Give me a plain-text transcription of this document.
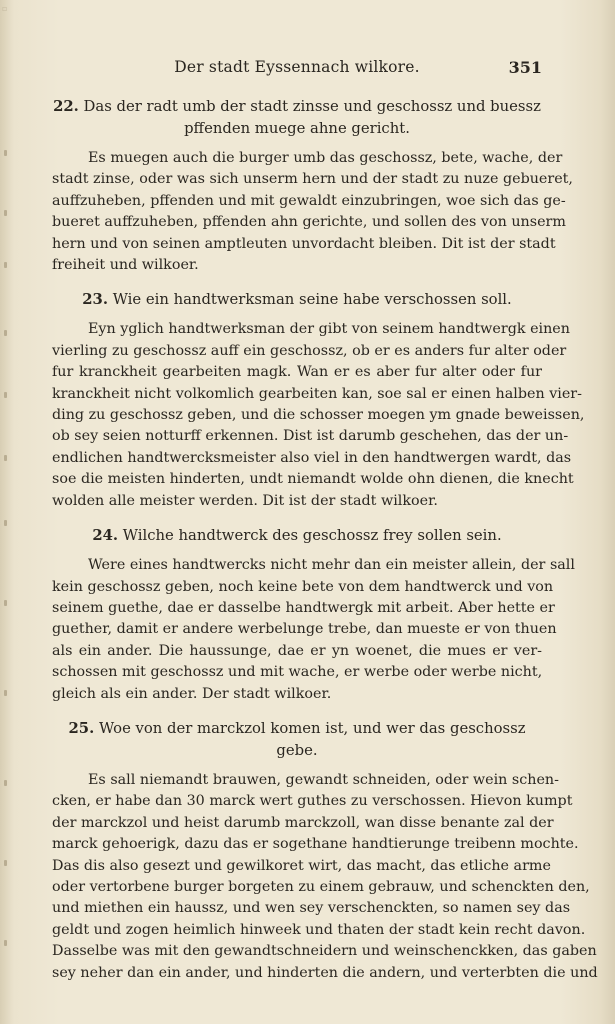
▫
Der stadt Eyssennach wilkore.	351

22. Das der radt umb der stadt zinsse und geschossz und buessz
pffenden muege ahne gericht.

Es muegen auch die burger umb das geschossz, bete, wache, der
stadt zinse, oder was sich unserm hern und der stadt zu nuze gebueret,
auffzuheben, pffenden und mit gewaldt einzubringen, woe sich das ge-
bueret auffzuheben, pffenden ahn gerichte, und sollen des von unserm
hern und von seinen amptleuten unvordacht bleiben. Dit ist der stadt
freiheit und wilkoer.

23. Wie ein handtwerksman seine habe verschossen soll.

Eyn yglich handtwerksman der gibt von seinem handtwergk einen
vierling zu geschossz auff ein geschossz, ob er es anders fur alter oder
fur kranckheit gearbeiten magk. Wan er es aber fur alter oder fur
kranckheit nicht volkomlich gearbeiten kan, soe sal er einen halben vier-
ding zu geschossz geben, und die schosser moegen ym gnade beweissen,
ob sey seien notturff erkennen. Dist ist darumb geschehen, das der un-
endlichen handtwercksmeister also viel in den handtwergen wardt, das
soe die meisten hinderten, undt niemandt wolde ohn dienen, die knecht
wolden alle meister werden. Dit ist der stadt wilkoer.

24. Wilche handtwerck des geschossz frey sollen sein.

Were eines handtwercks nicht mehr dan ein meister allein, der sall
kein geschossz geben, noch keine bete von dem handtwerck und von
seinem guethe, dae er dasselbe handtwergk mit arbeit. Aber hette er
guether, damit er andere werbelunge trebe, dan mueste er von thuen
als ein ander. Die haussunge, dae er yn woenet, die mues er ver-
schossen mit geschossz und mit wache, er werbe oder werbe nicht,
gleich als ein ander. Der stadt wilkoer.

25. Woe von der marckzol komen ist, und wer das geschossz gebe.

Es sall niemandt brauwen, gewandt schneiden, oder wein schen-
cken, er habe dan 30 marck wert guthes zu verschossen. Hievon kumpt
der marckzol und heist darumb marckzoll, wan disse benante zal der
marck gehoerigk, dazu das er sogethane handtierunge treibenn mochte.
Das dis also gesezt und gewilkoret wirt, das macht, das etliche arme
oder vertorbene burger borgeten zu einem gebrauw, und schenckten den,
und miethen ein haussz, und wen sey verschenckten, so namen sey das
geldt und zogen heimlich hinweek und thaten der stadt kein recht davon.
Dasselbe was mit den gewandtschneidern und weinschenckken, das gaben
sey neher dan ein ander, und hinderten die andern, und verterbten die und
